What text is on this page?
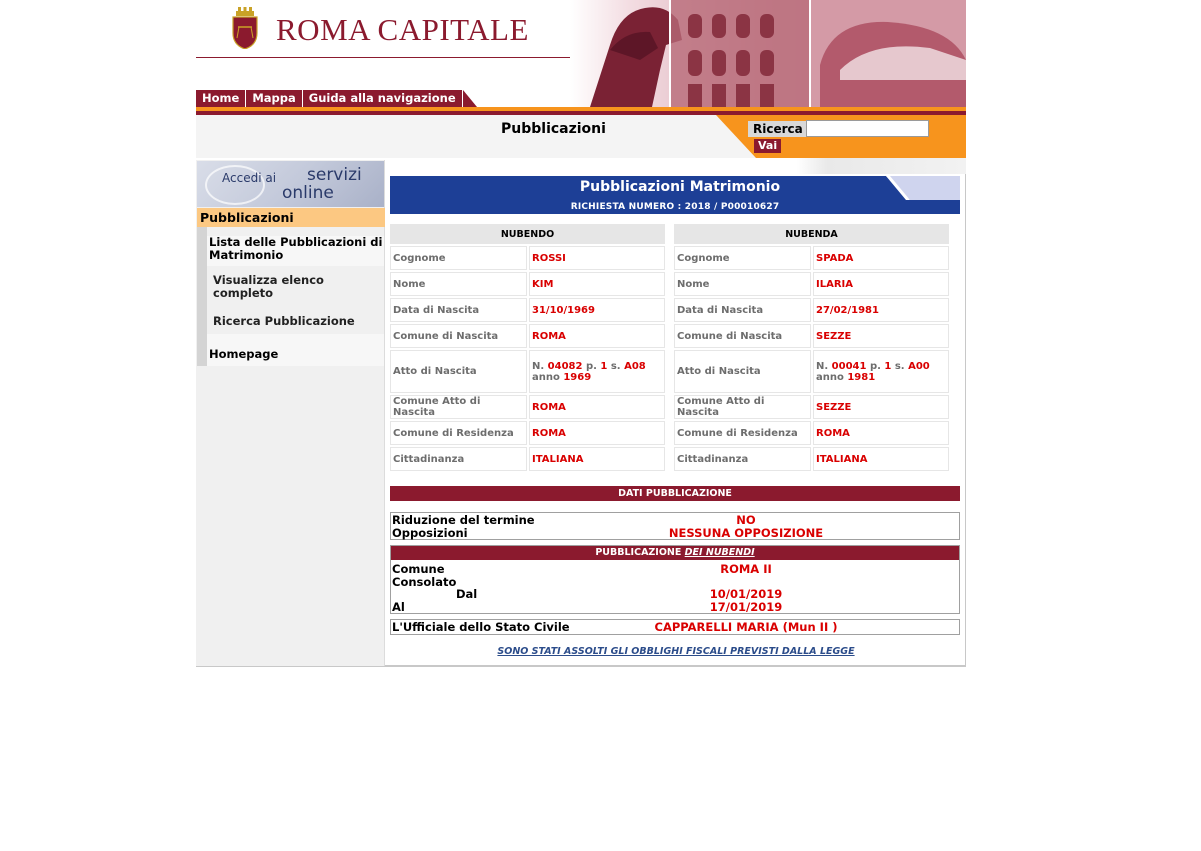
ROMA CAPITALE
Home	Mappa	Guida alla navigazione
Pubblicazioni	Ricerca
Vai
Accedi ai servizi
online
Pubblicazioni
Lista delle Pubblicazioni di Matrimonio
Visualizza elenco completo
Ricerca Pubblicazione
Homepage
Pubblicazioni Matrimonio
RICHIESTA NUMERO : 2018 / P00010627
NUBENDO	
Cognome	ROSSI
Nome	KIM
Data di Nascita	31/10/1969
Comune di Nascita	ROMA
Atto di Nascita	N. 04082 p. 1 s. A08
anno 1969
Comune Atto di Nascita	ROMA
Comune di Residenza	ROMA
Cittadinanza	ITALIANA
NUBENDA	
Cognome	SPADA
Nome	ILARIA
Data di Nascita	27/02/1981
Comune di Nascita	SEZZE
Atto di Nascita	N. 00041 p. 1 s. A00
anno 1981
Comune Atto di Nascita	SEZZE
Comune di Residenza	ROMA
Cittadinanza	ITALIANA
DATI PUBBLICAZIONE
Riduzione del termine	NO
Opposizioni	NESSUNA OPPOSIZIONE
PUBBLICAZIONE DEI NUBENDI
Comune	ROMA II
Consolato
Dal	10/01/2019
Al	17/01/2019
L'Ufficiale dello Stato Civile	CAPPARELLI MARIA (Mun II )
SONO STATI ASSOLTI GLI OBBLIGHI FISCALI PREVISTI DALLA LEGGE
